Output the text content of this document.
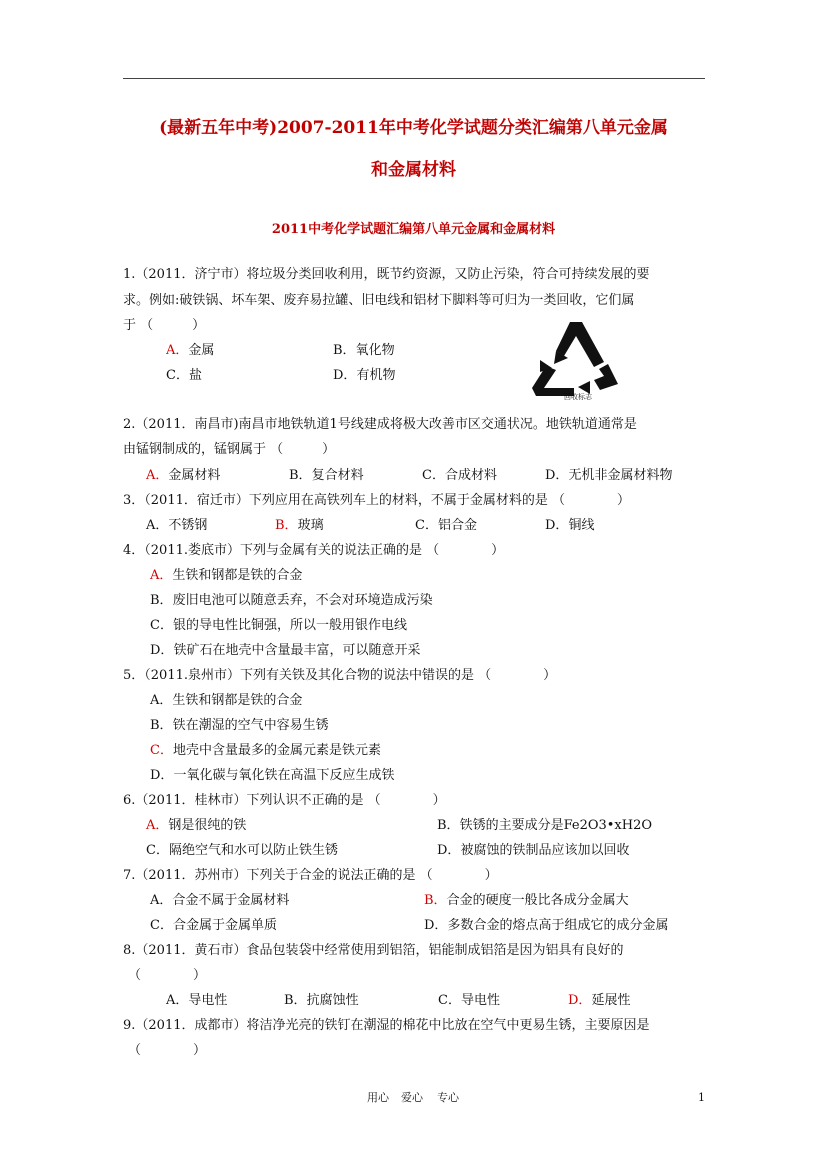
(最新五年中考)2007-2011年中考化学试题分类汇编第八单元金属
和金属材料
2011中考化学试题汇编第八单元金属和金属材料
1.（2011．济宁市）将垃圾分类回收利用，既节约资源，又防止污染，符合可持续发展的要
求。例如:破铁锅、坏车架、废弃易拉罐、旧电线和铝材下脚料等可归为一类回收，它们属
于 （　　　）
A．金属	B．氧化物
C．盐	D．有机物
回收标志
2.（2011．南昌市)南昌市地铁轨道1号线建成将极大改善市区交通状况。地铁轨道通常是
由锰钢制成的，锰钢属于 （　　　）
A．金属材料	B．复合材料	C．合成材料	D．无机非金属材料物
3．（2011．宿迁市）下列应用在高铁列车上的材料，不属于金属材料的是 （　　　　）
A．不锈钢	B．玻璃	C．铝合金	D．铜线
4．（2011.娄底市）下列与金属有关的说法正确的是 （　　　　）
A．生铁和钢都是铁的合金
B．废旧电池可以随意丢弃，不会对环境造成污染
C．银的导电性比铜强，所以一般用银作电线
D．铁矿石在地壳中含量最丰富，可以随意开采
5．（2011.泉州市）下列有关铁及其化合物的说法中错误的是 （　　　　）
A．生铁和钢都是铁的合金
B．铁在潮湿的空气中容易生锈
C．地壳中含量最多的金属元素是铁元素
D．一氧化碳与氧化铁在高温下反应生成铁
6.（2011．桂林市）下列认识不正确的是 （　　　　）
A．钢是很纯的铁	B．铁锈的主要成分是Fe2O3•xH2O
C．隔绝空气和水可以防止铁生锈	D．被腐蚀的铁制品应该加以回收
7.（2011．苏州市）下列关于合金的说法正确的是 （　　　　）
A．合金不属于金属材料	B．合金的硬度一般比各成分金属大
C．合金属于金属单质	D．多数合金的熔点高于组成它的成分金属
8.（2011．黄石市）食品包装袋中经常使用到铝箔，铝能制成铝箔是因为铝具有良好的
（　　　　）
A．导电性	B．抗腐蚀性	C．导电性	D．延展性
9.（2011．成都市）将洁净光亮的铁钉在潮湿的棉花中比放在空气中更易生锈，主要原因是
（　　　　）
用心 爱心 专心	1
